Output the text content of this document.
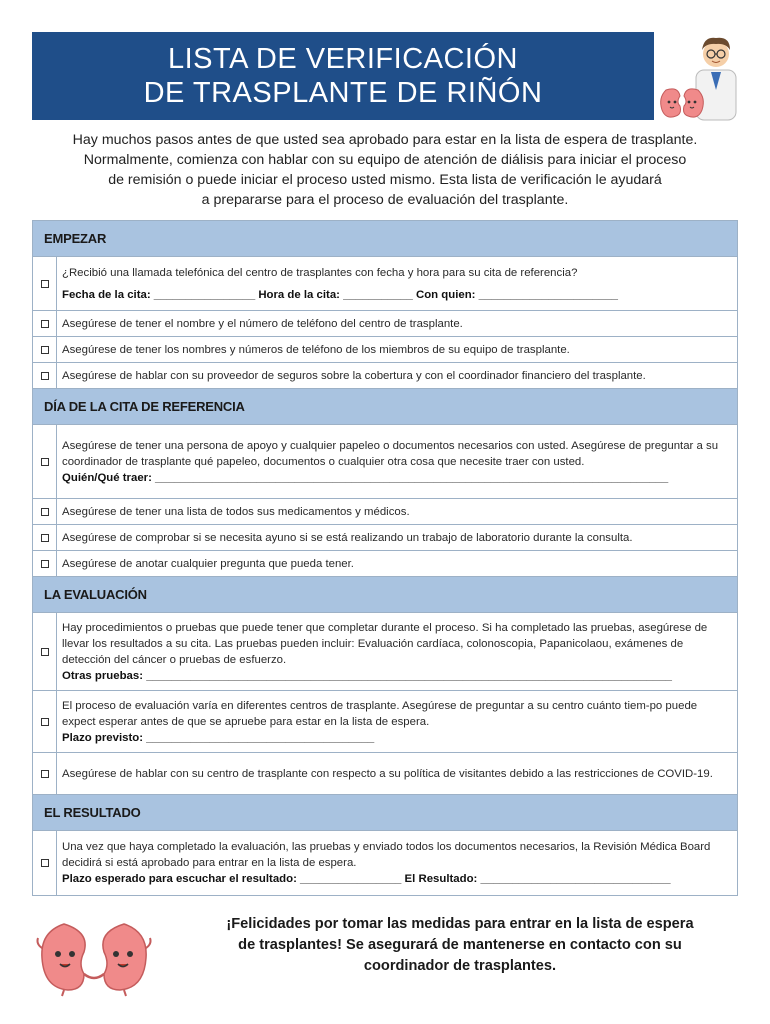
LISTA DE VERIFICACIÓN
DE TRASPLANTE DE RIÑÓN
Hay muchos pasos antes de que usted sea aprobado para estar en la lista de espera de trasplante.
Normalmente, comienza con hablar con su equipo de atención de diálisis para iniciar el proceso
de remisión o puede iniciar el proceso usted mismo. Esta lista de verificación le ayudará
a prepararse para el proceso de evaluación del trasplante.
EMPEZAR
¿Recibió una llamada telefónica del centro de trasplantes con fecha y hora para su cita de referencia?
Fecha de la cita: ________________ Hora de la cita: ___________ Con quien: ______________________
Asegúrese de tener el nombre y el número de teléfono del centro de trasplante.
Asegúrese de tener los nombres y números de teléfono de los miembros de su equipo de trasplante.
Asegúrese de hablar con su proveedor de seguros sobre la cobertura y con el coordinador financiero del trasplante.
DÍA DE LA CITA DE REFERENCIA
Asegúrese de tener una persona de apoyo y cualquier papeleo o documentos necesarios con usted. Asegúrese de preguntar a su coordinador de trasplante qué papeleo, documentos o cualquier otra cosa que necesite traer con usted.
Quién/Qué traer: _________________________________________________________________________________
Asegúrese de tener una lista de todos sus medicamentos y médicos.
Asegúrese de comprobar si se necesita ayuno si se está realizando un trabajo de laboratorio durante la consulta.
Asegúrese de anotar cualquier pregunta que pueda tener.
LA EVALUACIÓN
Hay procedimientos o pruebas que puede tener que completar durante el proceso. Si ha completado las pruebas, asegúrese de llevar los resultados a su cita. Las pruebas pueden incluir: Evaluación cardíaca, colonoscopia, Papanicolaou, exámenes de detección del cáncer o pruebas de esfuerzo.
Otras pruebas: ___________________________________________________________________________________
El proceso de evaluación varía en diferentes centros de trasplante. Asegúrese de preguntar a su centro cuánto tiem-po puede expect esperar antes de que se apruebe para estar en la lista de espera.
Plazo previsto: ____________________________________
Asegúrese de hablar con su centro de trasplante con respecto a su política de visitantes debido a las restricciones de COVID-19.
EL RESULTADO
Una vez que haya completado la evaluación, las pruebas y enviado todos los documentos necesarios, la Revisión Médica Board decidirá si está aprobado para entrar en la lista de espera.
Plazo esperado para escuchar el resultado: ________________ El Resultado: ______________________________
¡Felicidades por tomar las medidas para entrar en la lista de espera
de trasplantes! Se asegurará de mantenerse en contacto con su
coordinador de trasplantes.
